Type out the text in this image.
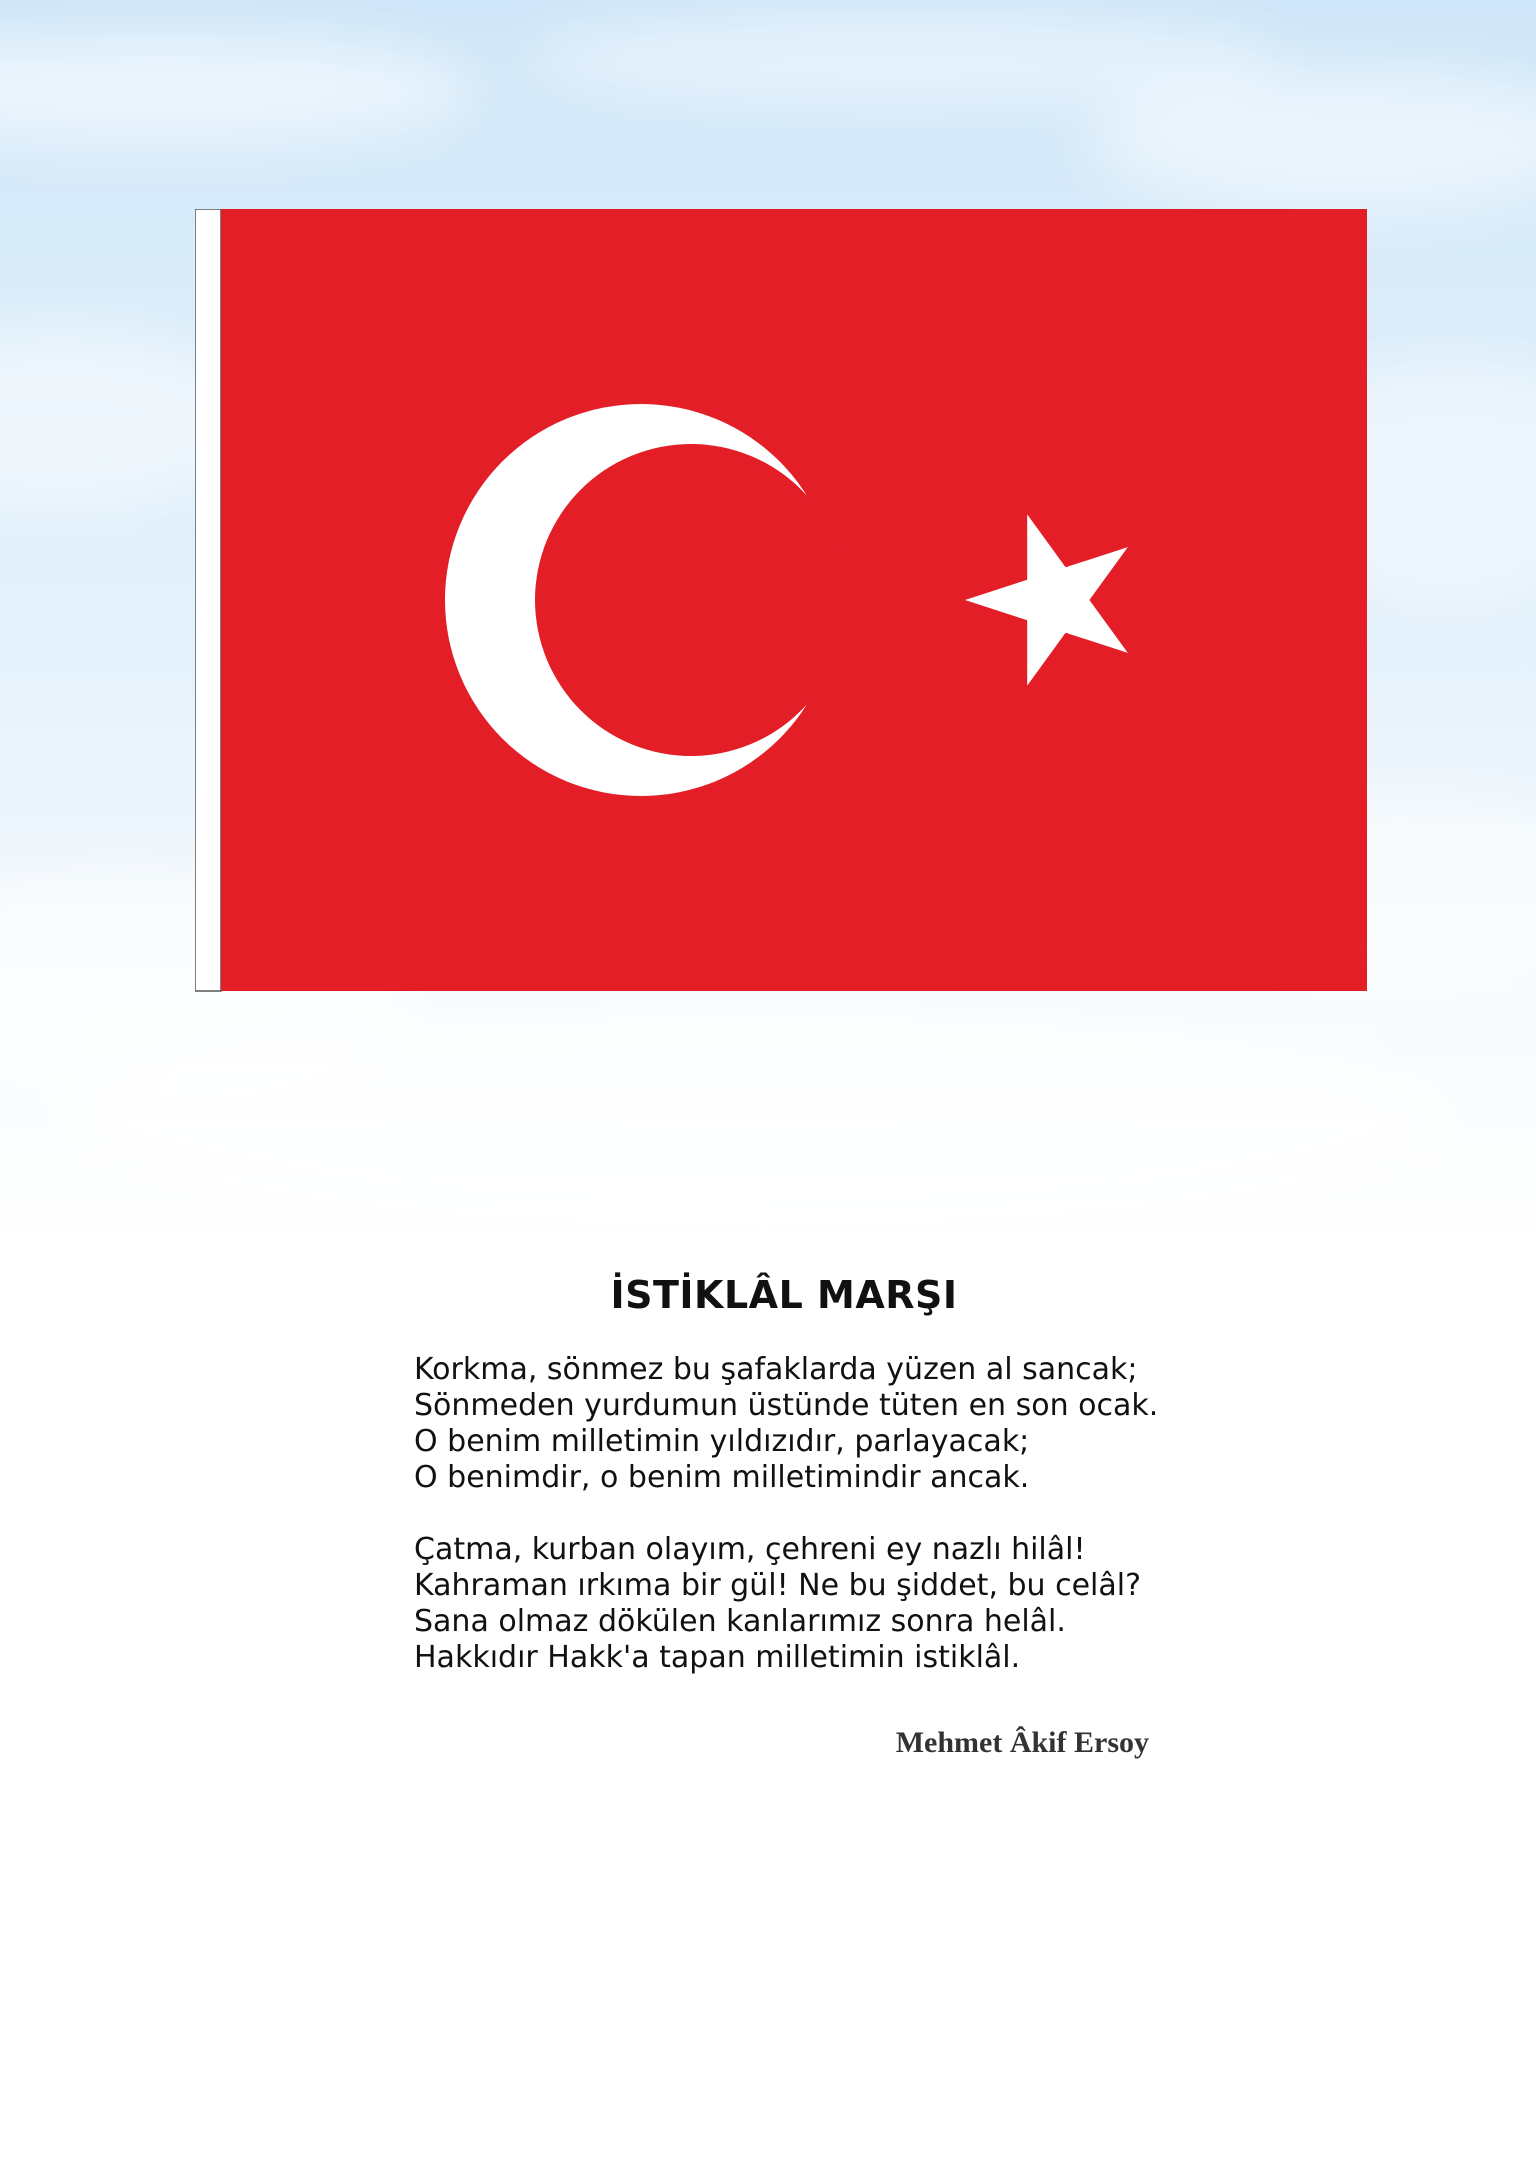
İSTİKLÂL MARŞI
Korkma, sönmez bu şafaklarda yüzen al sancak;
Sönmeden yurdumun üstünde tüten en son ocak.
O benim milletimin yıldızıdır, parlayacak;
O benimdir, o benim milletimindir ancak.
Çatma, kurban olayım, çehreni ey nazlı hilâl!
Kahraman ırkıma bir gül! Ne bu şiddet, bu celâl?
Sana olmaz dökülen kanlarımız sonra helâl.
Hakkıdır Hakk'a tapan milletimin istiklâl.
Mehmet Âkif Ersoy
